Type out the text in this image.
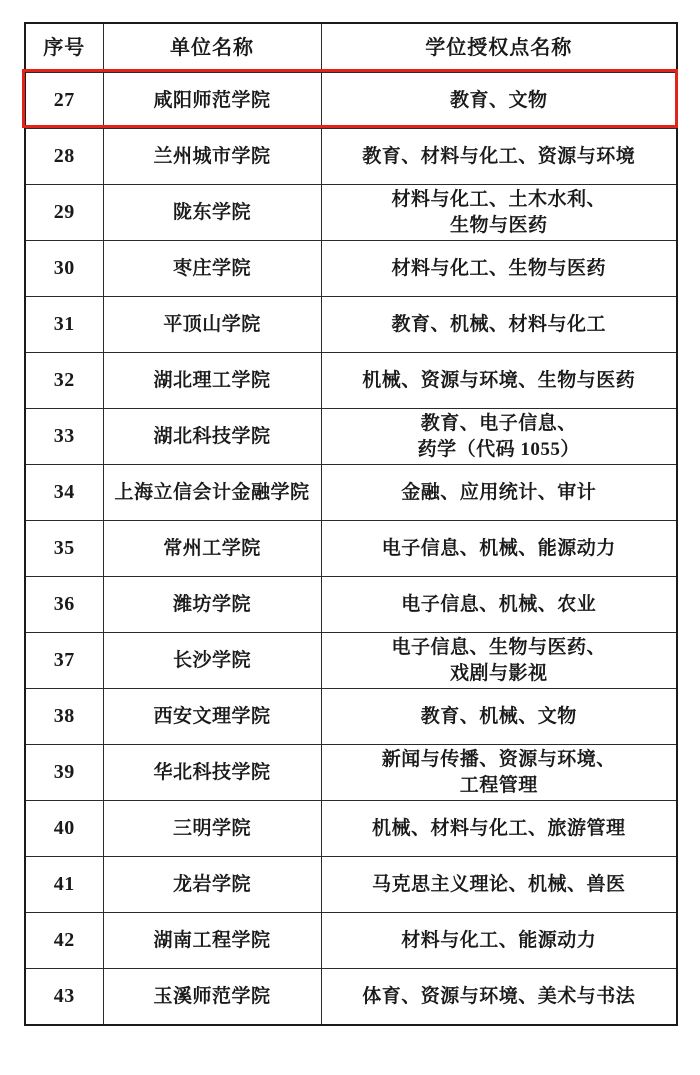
序号	单位名称	学位授权点名称
27	咸阳师范学院	教育、文物

28	兰州城市学院	教育、材料与化工、资源与环境

29	陇东学院	材料与化工、土木水利、
生物与医药

30	枣庄学院	材料与化工、生物与医药

31	平顶山学院	教育、机械、材料与化工

32	湖北理工学院	机械、资源与环境、生物与医药

33	湖北科技学院	教育、电子信息、
药学（代码 1055）

34	上海立信会计金融学院	金融、应用统计、审计

35	常州工学院	电子信息、机械、能源动力

36	潍坊学院	电子信息、机械、农业

37	长沙学院	电子信息、生物与医药、
戏剧与影视

38	西安文理学院	教育、机械、文物

39	华北科技学院	新闻与传播、资源与环境、
工程管理

40	三明学院	机械、材料与化工、旅游管理

41	龙岩学院	马克思主义理论、机械、兽医

42	湖南工程学院	材料与化工、能源动力

43	玉溪师范学院	体育、资源与环境、美术与书法
